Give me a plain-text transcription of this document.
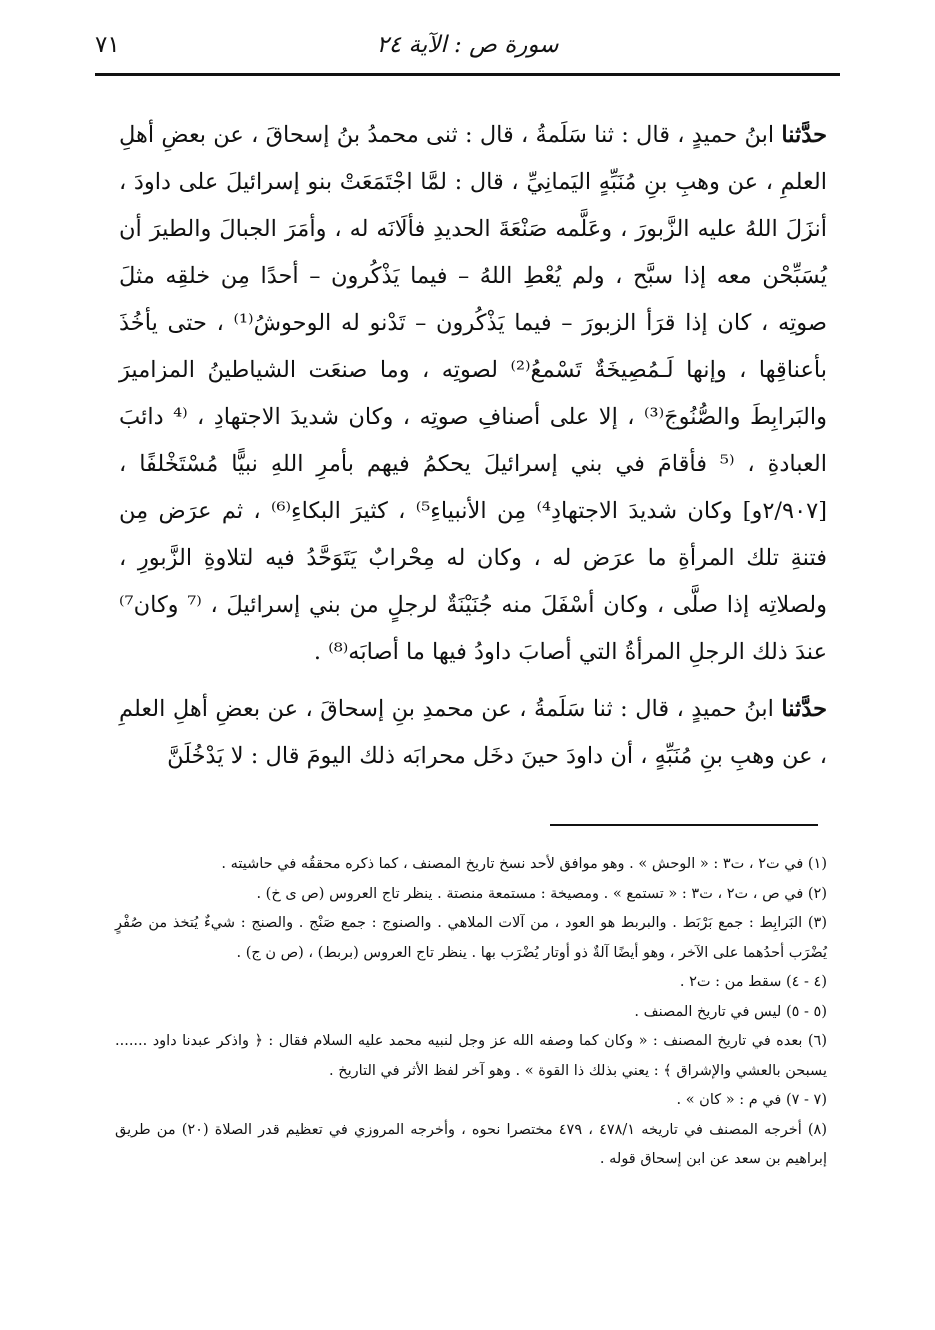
سورة ص : الآية ٢٤
٧١

حدَّثنا ابنُ حميدٍ ، قال : ثنا سَلَمةُ ، قال : ثنى محمدُ بنُ إسحاقَ ، عن بعضِ أهلِ العلمِ ، عن وهبِ بنِ مُنَبِّهٍ اليَمانِيِّ ، قال : لمَّا اجْتَمَعَتْ بنو إسرائيلَ على داودَ ، أنزَلَ اللهُ عليه الزَّبورَ ، وعَلَّمه صَنْعَةَ الحديدِ فألَانَه له ، وأمَرَ الجبالَ والطيرَ أن يُسَبِّحْن معه إذا سبَّح ، ولم يُعْطِ اللهُ – فيما يَذْكُرون – أحدًا مِن خلقِه مثلَ صوتِه ، كان إذا قرَأ الزبورَ – فيما يَذْكُرون – تَدْنو له الوحوشُ⁽¹⁾ ، حتى يأخُذَ بأعناقِها ، وإنها لَـمُصِيخَةٌ تَسْمعُ⁽²⁾ لصوتِه ، وما صنعَت الشياطينُ المزاميرَ والبَرابِطَ والصُّنُوجَ⁽³⁾ ، إلا على أصنافِ صوتِه ، وكان شديدَ الاجتهادِ ، ⁽⁴ دائبَ العبادةِ ، ⁽⁵ فأقامَ في بني إسرائيلَ يحكمُ فيهم بأمرِ اللهِ نبيًّا مُسْتَخْلفًا ، [٢/٩٠٧و] وكان شديدَ الاجتهادِ⁴⁾ مِن الأنبياءِ⁵⁾ ، كثيرَ البكاءِ⁽⁶⁾ ، ثم عرَض مِن فتنةِ تلك المرأةِ ما عرَض له ، وكان له مِحْرابٌ يَتَوَحَّدُ فيه لتلاوةِ الزَّبورِ ، ولصلاتِه إذا صلَّى ، وكان أسْفَلَ منه جُنَيْنَةٌ لرجلٍ من بني إسرائيلَ ، ⁽⁷ وكان⁷⁾ عندَ ذلك الرجلِ المرأةُ التي أصابَ داودُ فيها ما أصابَه⁽⁸⁾ .

حدَّثنا ابنُ حميدٍ ، قال : ثنا سَلَمةُ ، عن محمدِ بنِ إسحاقَ ، عن بعضِ أهلِ العلمِ ، عن وهبِ بنِ مُنَبِّهٍ ، أن داودَ حينَ دخَل محرابَه ذلك اليومَ قال : لا يَدْخُلَنَّ

(١) في ت٢ ، ت٣ : « الوحش » . وهو موافق لأحد نسخ تاريخ المصنف ، كما ذكره محققُه في حاشيته .

(٢) في ص ، ت٢ ، ت٣ : « تستمع » . ومصيخة : مستمعة منصتة . ينظر تاج العروس (ص ى خ) .

(٣) البَرابِط : جمع بَرْبَط . والبربط هو العود ، من آلات الملاهي . والصنوج : جمع صَنْج . والصنج : شيءٌ يُتخذ من صُفْرٍ يُضْرَب أحدُهما على الآخر ، وهو أيضًا آلةٌ ذو أوتار يُضْرَب بها . ينظر تاج العروس (بربط) ، (ص ن ج) .

(٤ - ٤) سقط من : ت٢ .

(٥ - ٥) ليس في تاريخ المصنف .

(٦) بعده في تاريخ المصنف : « وكان كما وصفه الله عز وجل لنبيه محمد عليه السلام فقال : ﴿ واذكر عبدنا داود ....... يسبحن بالعشي والإشراق ﴾ : يعني بذلك ذا القوة » . وهو آخر لفظ الأثر في التاريخ .

(٧ - ٧) في م : « كان » .

(٨) أخرجه المصنف في تاريخه ٤٧٨/١ ، ٤٧٩ مختصرا نحوه ، وأخرجه المروزي في تعظيم قدر الصلاة (٢٠) من طريق إبراهيم بن سعد عن ابن إسحاق قوله .
